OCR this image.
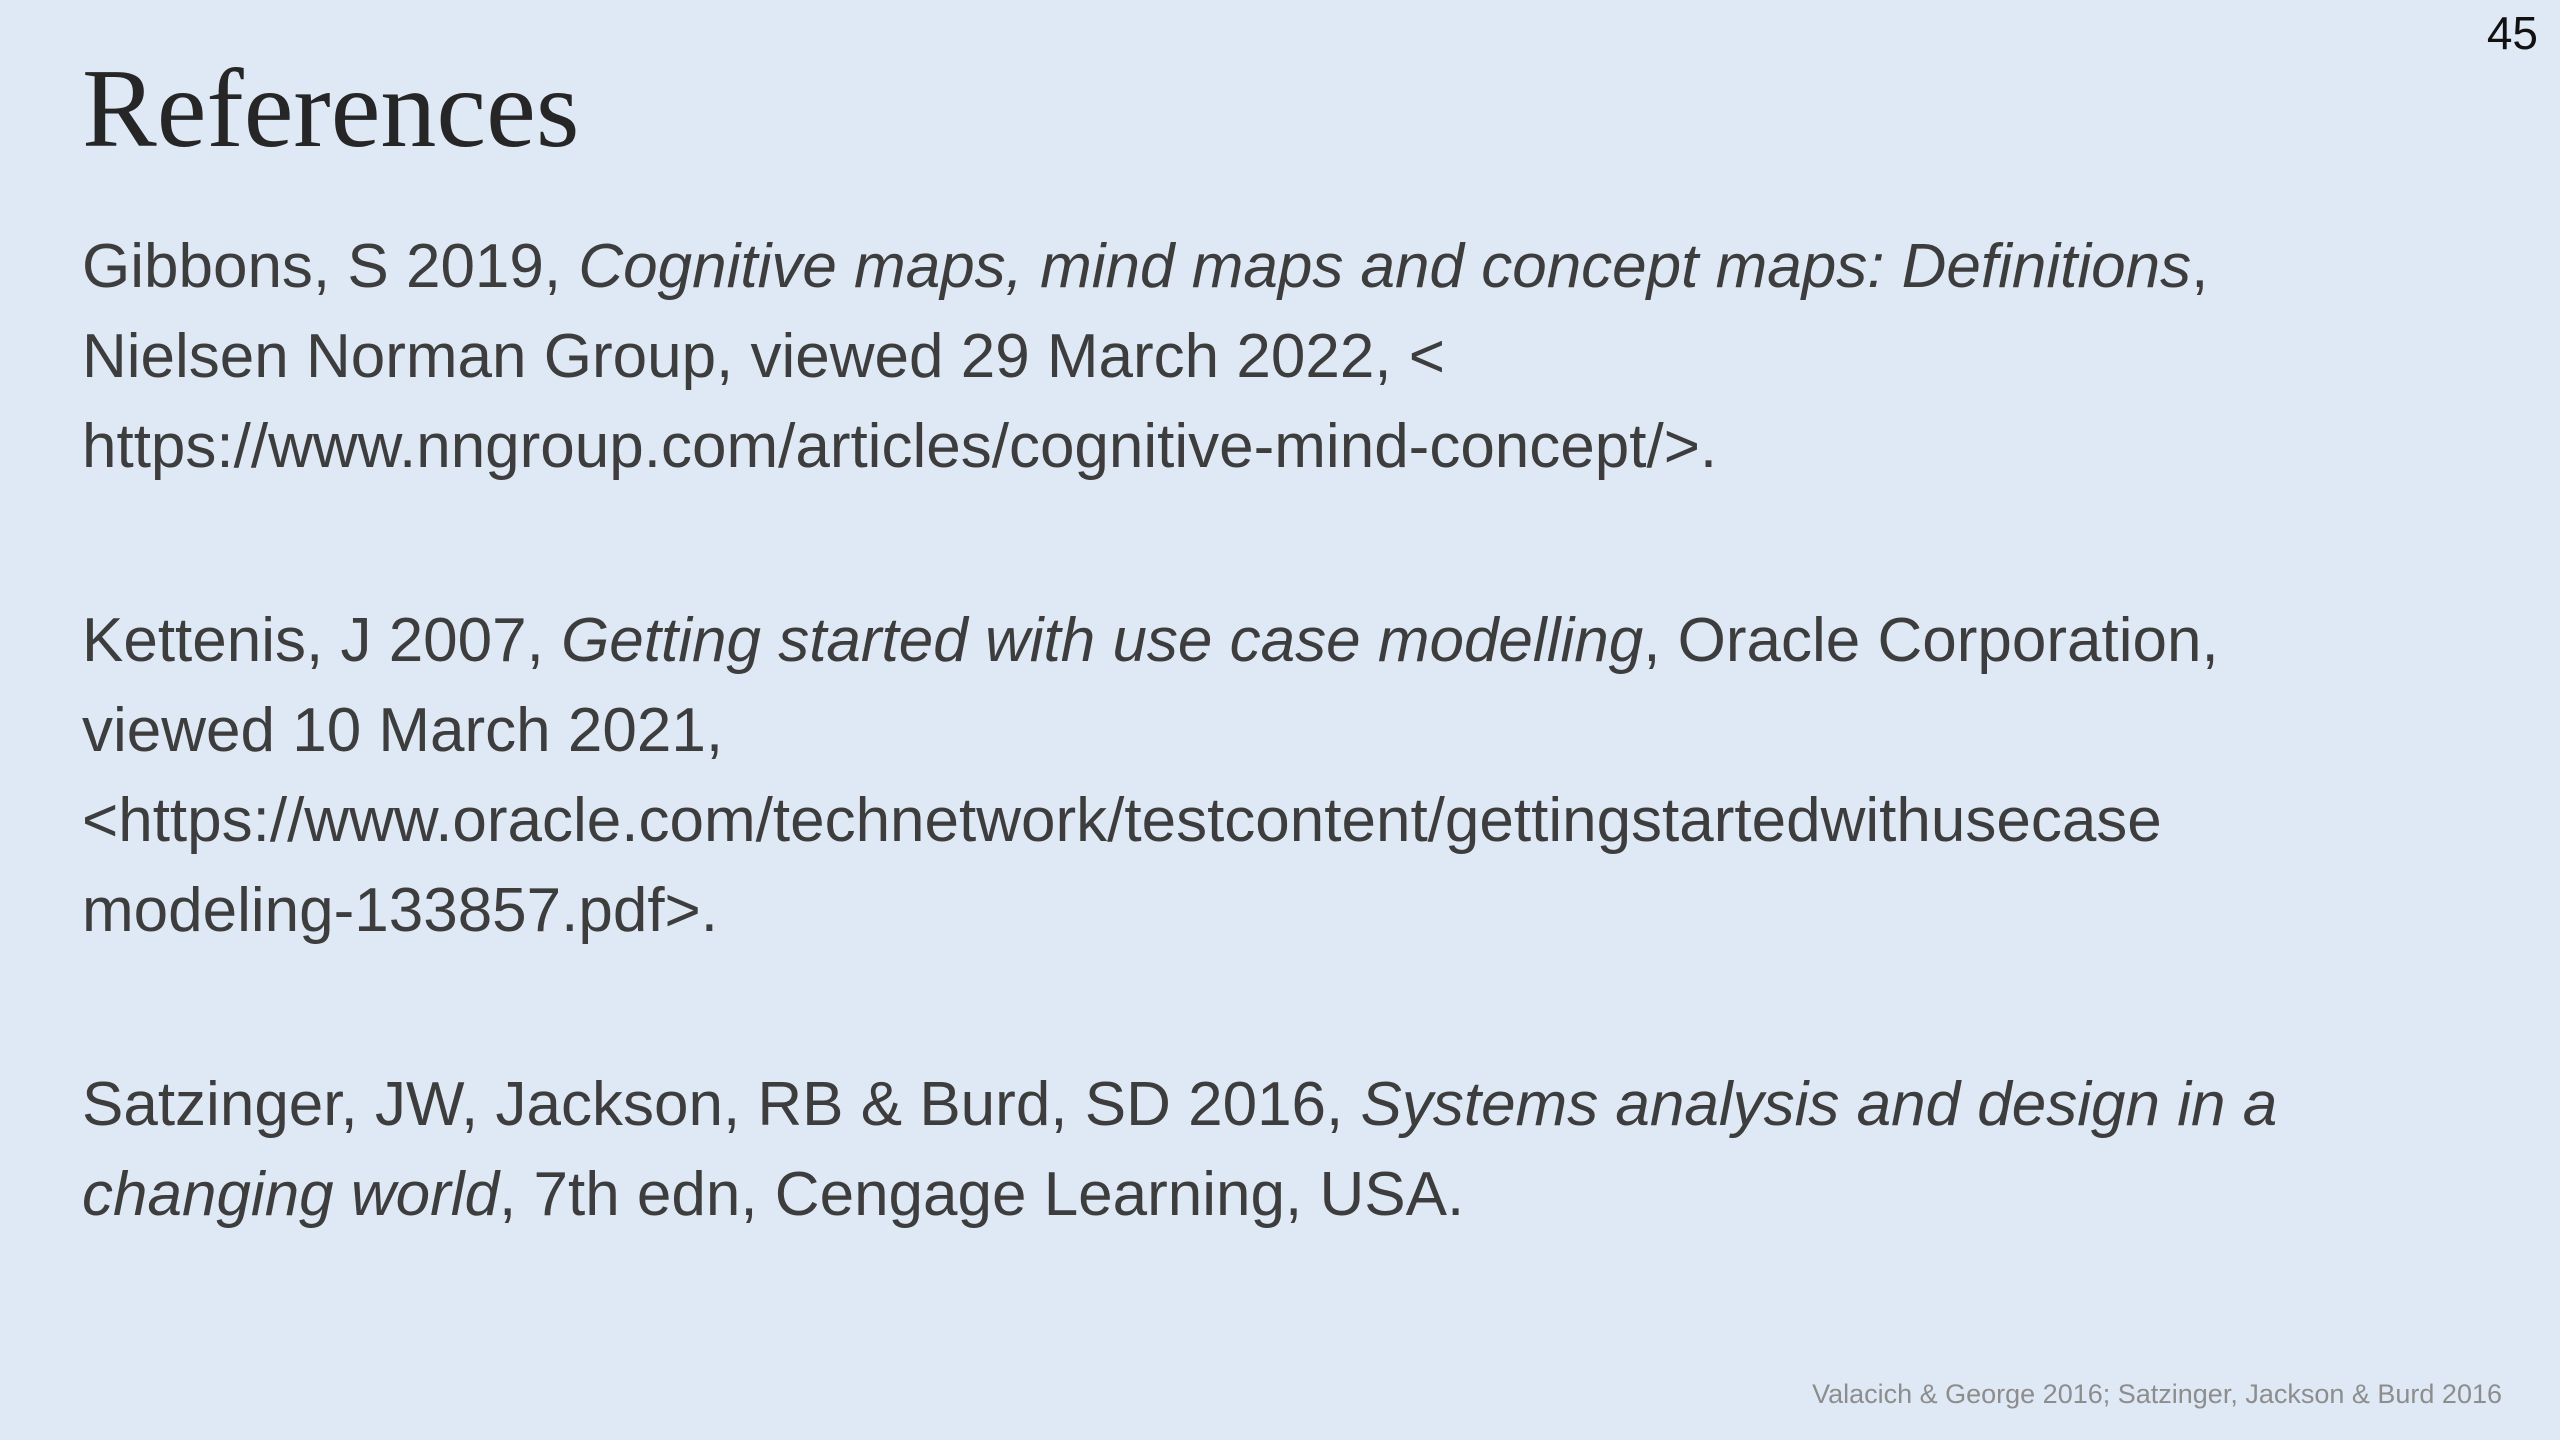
45
References

Gibbons, S 2019, Cognitive maps, mind maps and concept maps: Definitions,
Nielsen Norman Group, viewed 29 March 2022, <
https://www.nngroup.com/articles/cognitive-mind-concept/>.

Kettenis, J 2007, Getting started with use case modelling, Oracle Corporation,
viewed 10 March 2021,
<https://www.oracle.com/technetwork/testcontent/gettingstartedwithusecase
modeling-133857.pdf>.

Satzinger, JW, Jackson, RB & Burd, SD 2016, Systems analysis and design in a
changing world, 7th edn, Cengage Learning, USA.

Valacich & George 2016; Satzinger, Jackson & Burd 2016
